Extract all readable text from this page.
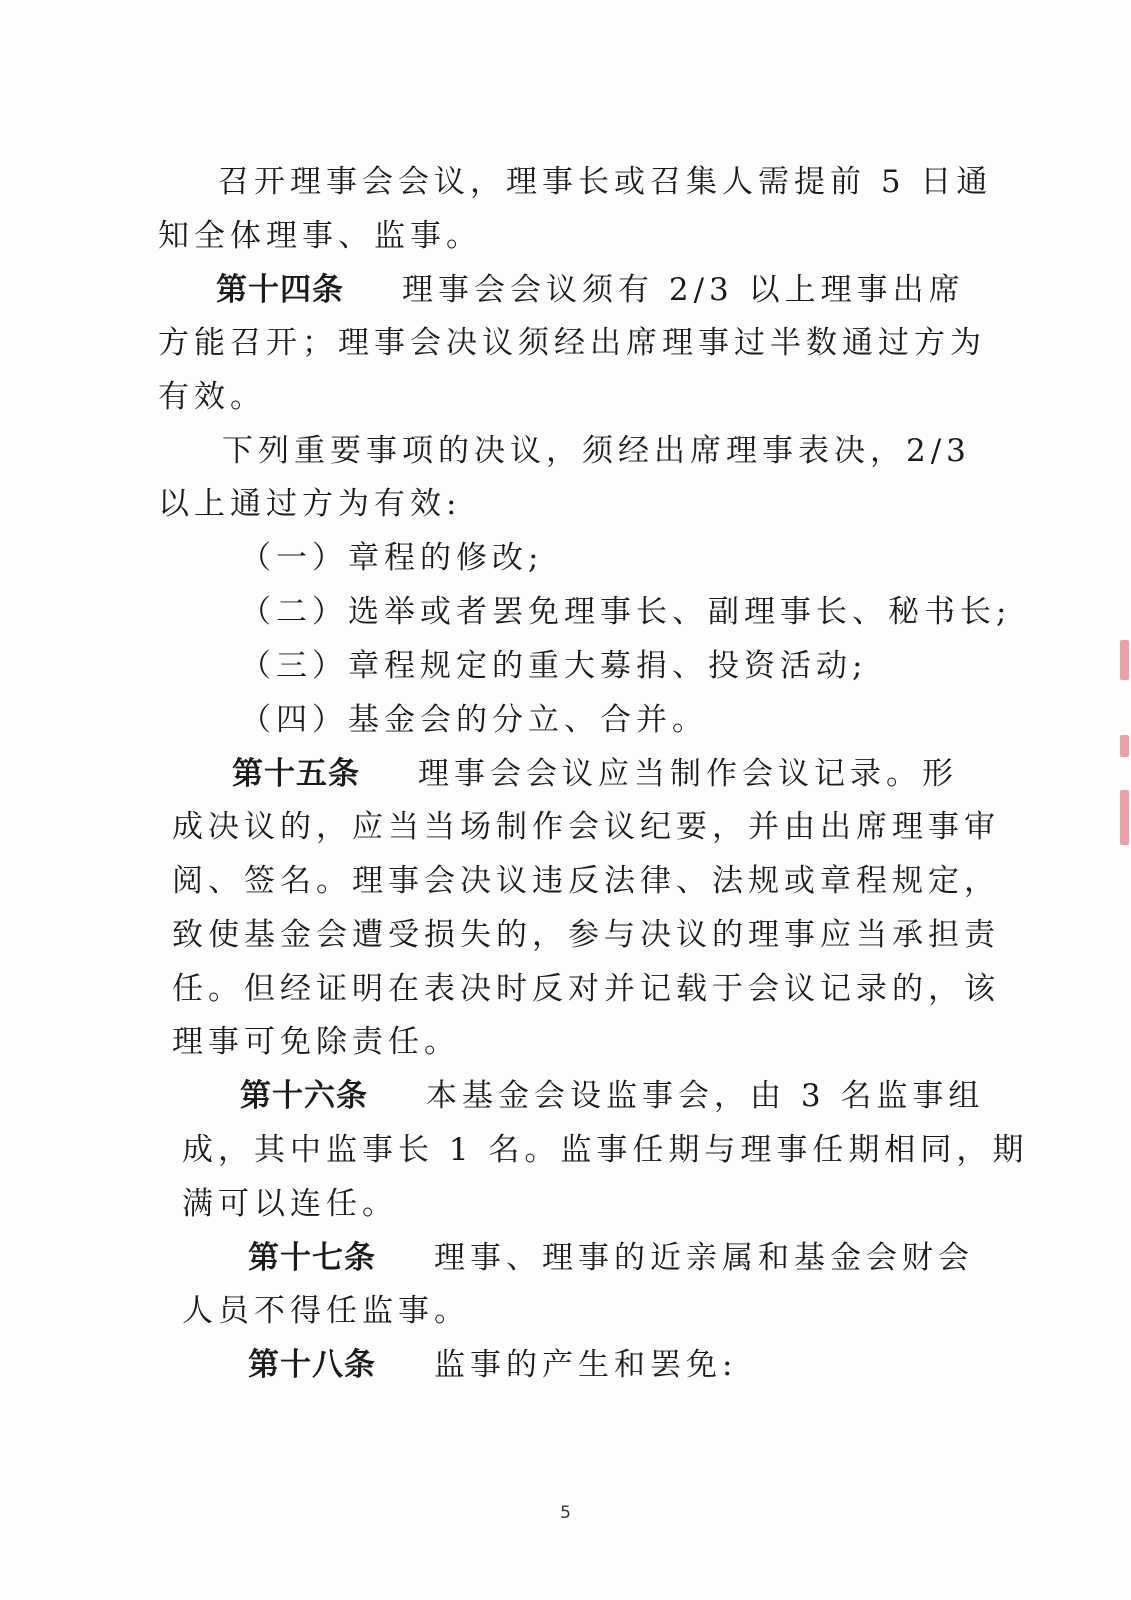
召开理事会会议，理事长或召集人需提前 5 日通
知全体理事、监事。
第十四条 理事会会议须有 2/3 以上理事出席
方能召开；理事会决议须经出席理事过半数通过方为
有效。
下列重要事项的决议，须经出席理事表决，2/3
以上通过方为有效:
（一）章程的修改;
（二）选举或者罢免理事长、副理事长、秘书长;
（三）章程规定的重大募捐、投资活动;
（四）基金会的分立、合并。
第十五条 理事会会议应当制作会议记录。形
成决议的，应当当场制作会议纪要，并由出席理事审
阅、签名。理事会决议违反法律、法规或章程规定，
致使基金会遭受损失的，参与决议的理事应当承担责
任。但经证明在表决时反对并记载于会议记录的，该
理事可免除责任。
第十六条 本基金会设监事会，由 3 名监事组
成，其中监事长 1 名。监事任期与理事任期相同，期
满可以连任。
第十七条 理事、理事的近亲属和基金会财会
人员不得任监事。
第十八条 监事的产生和罢免:
5
